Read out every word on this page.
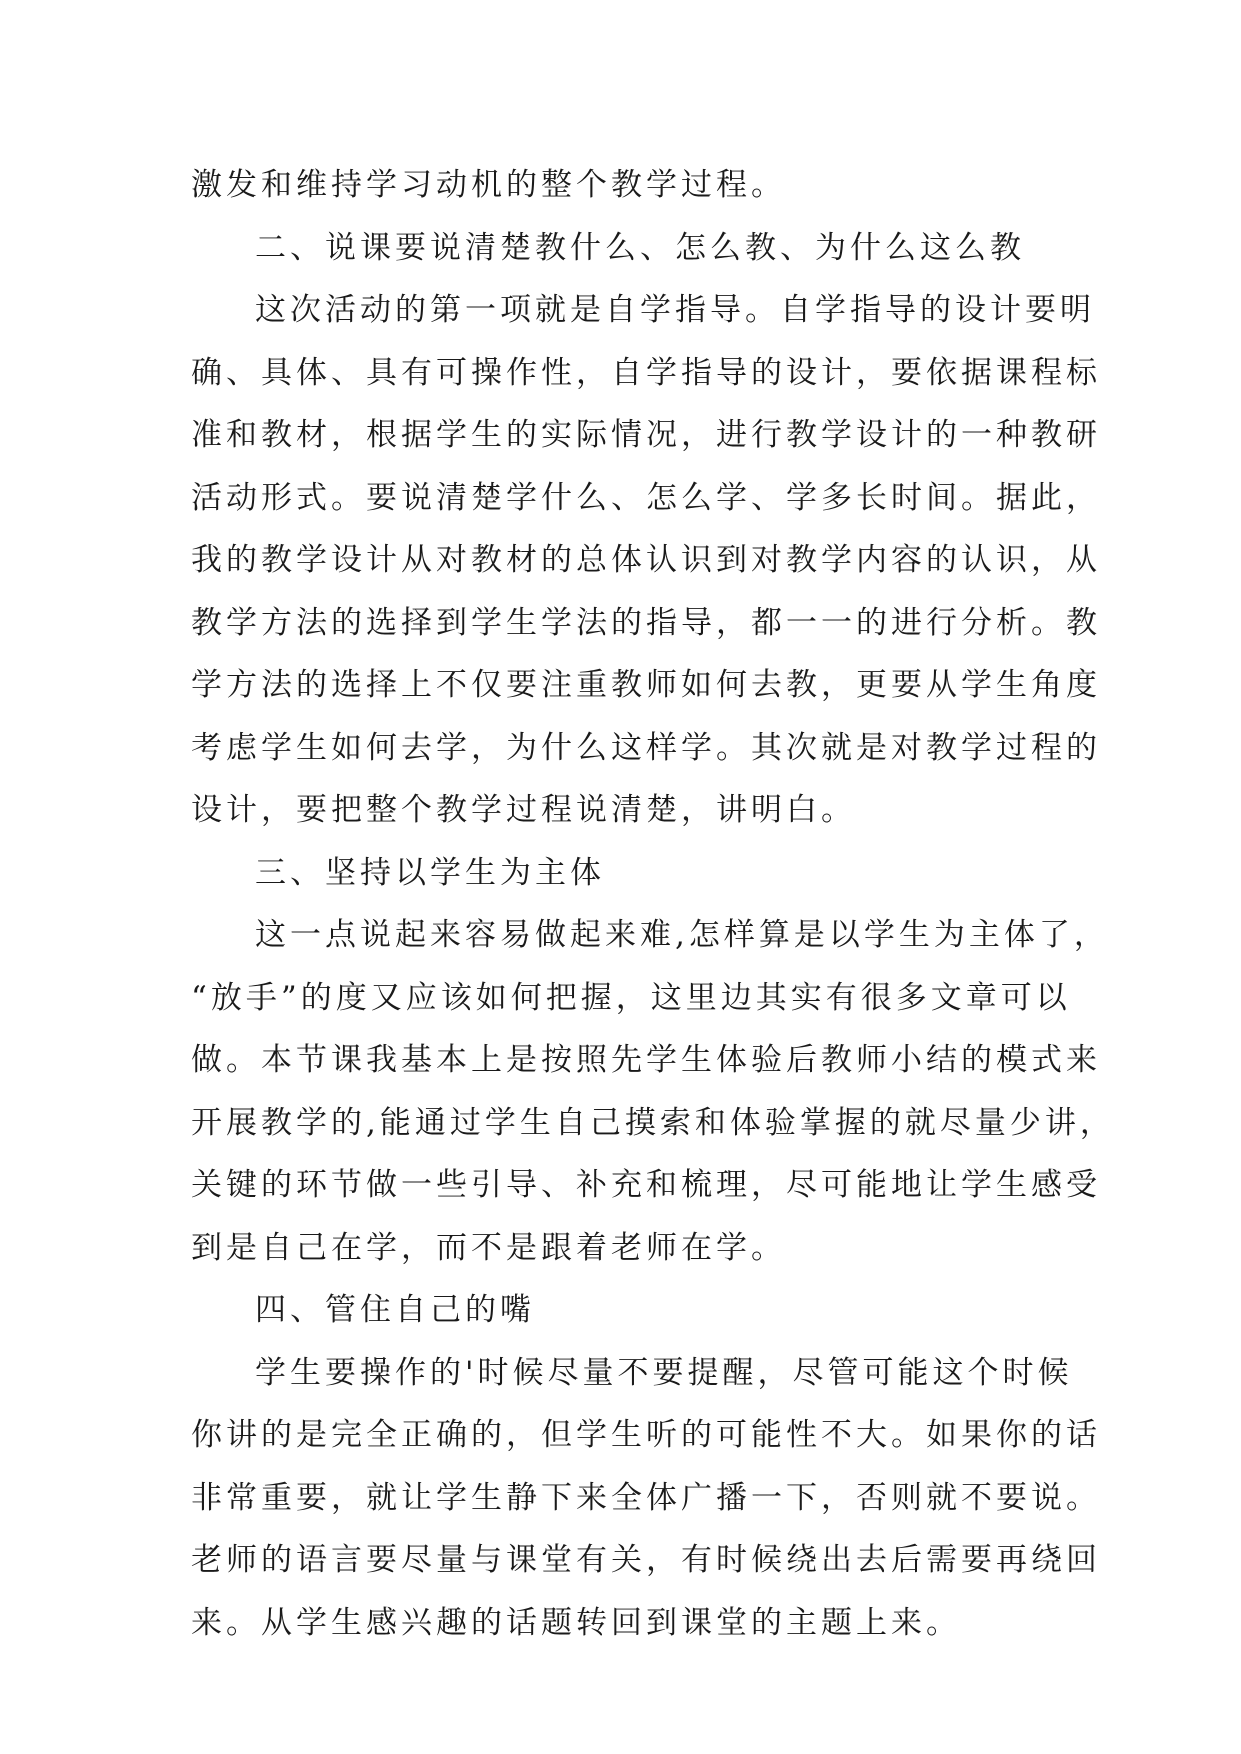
激发和维持学习动机的整个教学过程。
二、说课要说清楚教什么、怎么教、为什么这么教
这次活动的第一项就是自学指导。自学指导的设计要明
确、具体、具有可操作性，自学指导的设计，要依据课程标
准和教材，根据学生的实际情况，进行教学设计的一种教研
活动形式。要说清楚学什么、怎么学、学多长时间。据此，
我的教学设计从对教材的总体认识到对教学内容的认识，从
教学方法的选择到学生学法的指导，都一一的进行分析。教
学方法的选择上不仅要注重教师如何去教，更要从学生角度
考虑学生如何去学，为什么这样学。其次就是对教学过程的
设计，要把整个教学过程说清楚，讲明白。
三、坚持以学生为主体
这一点说起来容易做起来难,怎样算是以学生为主体了，
“放手”的度又应该如何把握，这里边其实有很多文章可以
做。本节课我基本上是按照先学生体验后教师小结的模式来
开展教学的,能通过学生自己摸索和体验掌握的就尽量少讲，
关键的环节做一些引导、补充和梳理，尽可能地让学生感受
到是自己在学，而不是跟着老师在学。
四、管住自己的嘴
学生要操作的'时候尽量不要提醒，尽管可能这个时候
你讲的是完全正确的，但学生听的可能性不大。如果你的话
非常重要，就让学生静下来全体广播一下，否则就不要说。
老师的语言要尽量与课堂有关，有时候绕出去后需要再绕回
来。从学生感兴趣的话题转回到课堂的主题上来。
